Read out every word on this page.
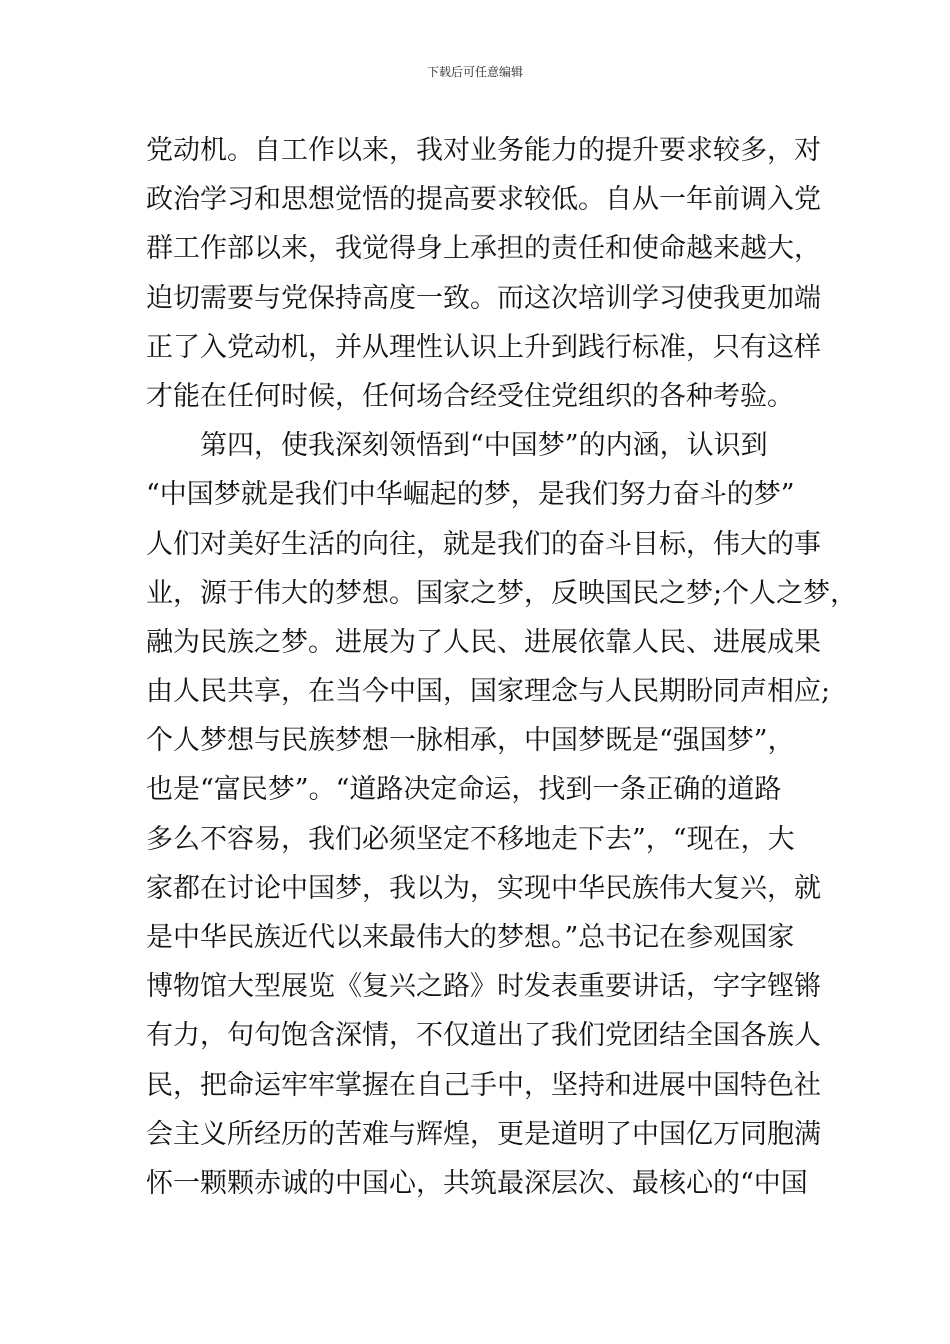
下载后可任意编辑
党动机。自工作以来，我对业务能力的提升要求较多，对
政治学习和思想觉悟的提高要求较低。自从一年前调入党
群工作部以来，我觉得身上承担的责任和使命越来越大，
迫切需要与党保持高度一致。而这次培训学习使我更加端
正了入党动机，并从理性认识上升到践行标准，只有这样
才能在任何时候，任何场合经受住党组织的各种考验。
第四，使我深刻领悟到“中国梦”的内涵，认识到
“中国梦就是我们中华崛起的梦，是我们努力奋斗的梦”
人们对美好生活的向往，就是我们的奋斗目标，伟大的事
业，源于伟大的梦想。国家之梦，反映国民之梦;个人之梦，
融为民族之梦。进展为了人民、进展依靠人民、进展成果
由人民共享，在当今中国，国家理念与人民期盼同声相应;
个人梦想与民族梦想一脉相承，中国梦既是“强国梦”，
也是“富民梦”。“道路决定命运，找到一条正确的道路
多么不容易，我们必须坚定不移地走下去”，“现在，大
家都在讨论中国梦，我以为，实现中华民族伟大复兴，就
是中华民族近代以来最伟大的梦想。”总书记在参观国家
博物馆大型展览《复兴之路》时发表重要讲话，字字铿锵
有力，句句饱含深情，不仅道出了我们党团结全国各族人
民，把命运牢牢掌握在自己手中，坚持和进展中国特色社
会主义所经历的苦难与辉煌，更是道明了中国亿万同胞满
怀一颗颗赤诚的中国心，共筑最深层次、最核心的“中国
